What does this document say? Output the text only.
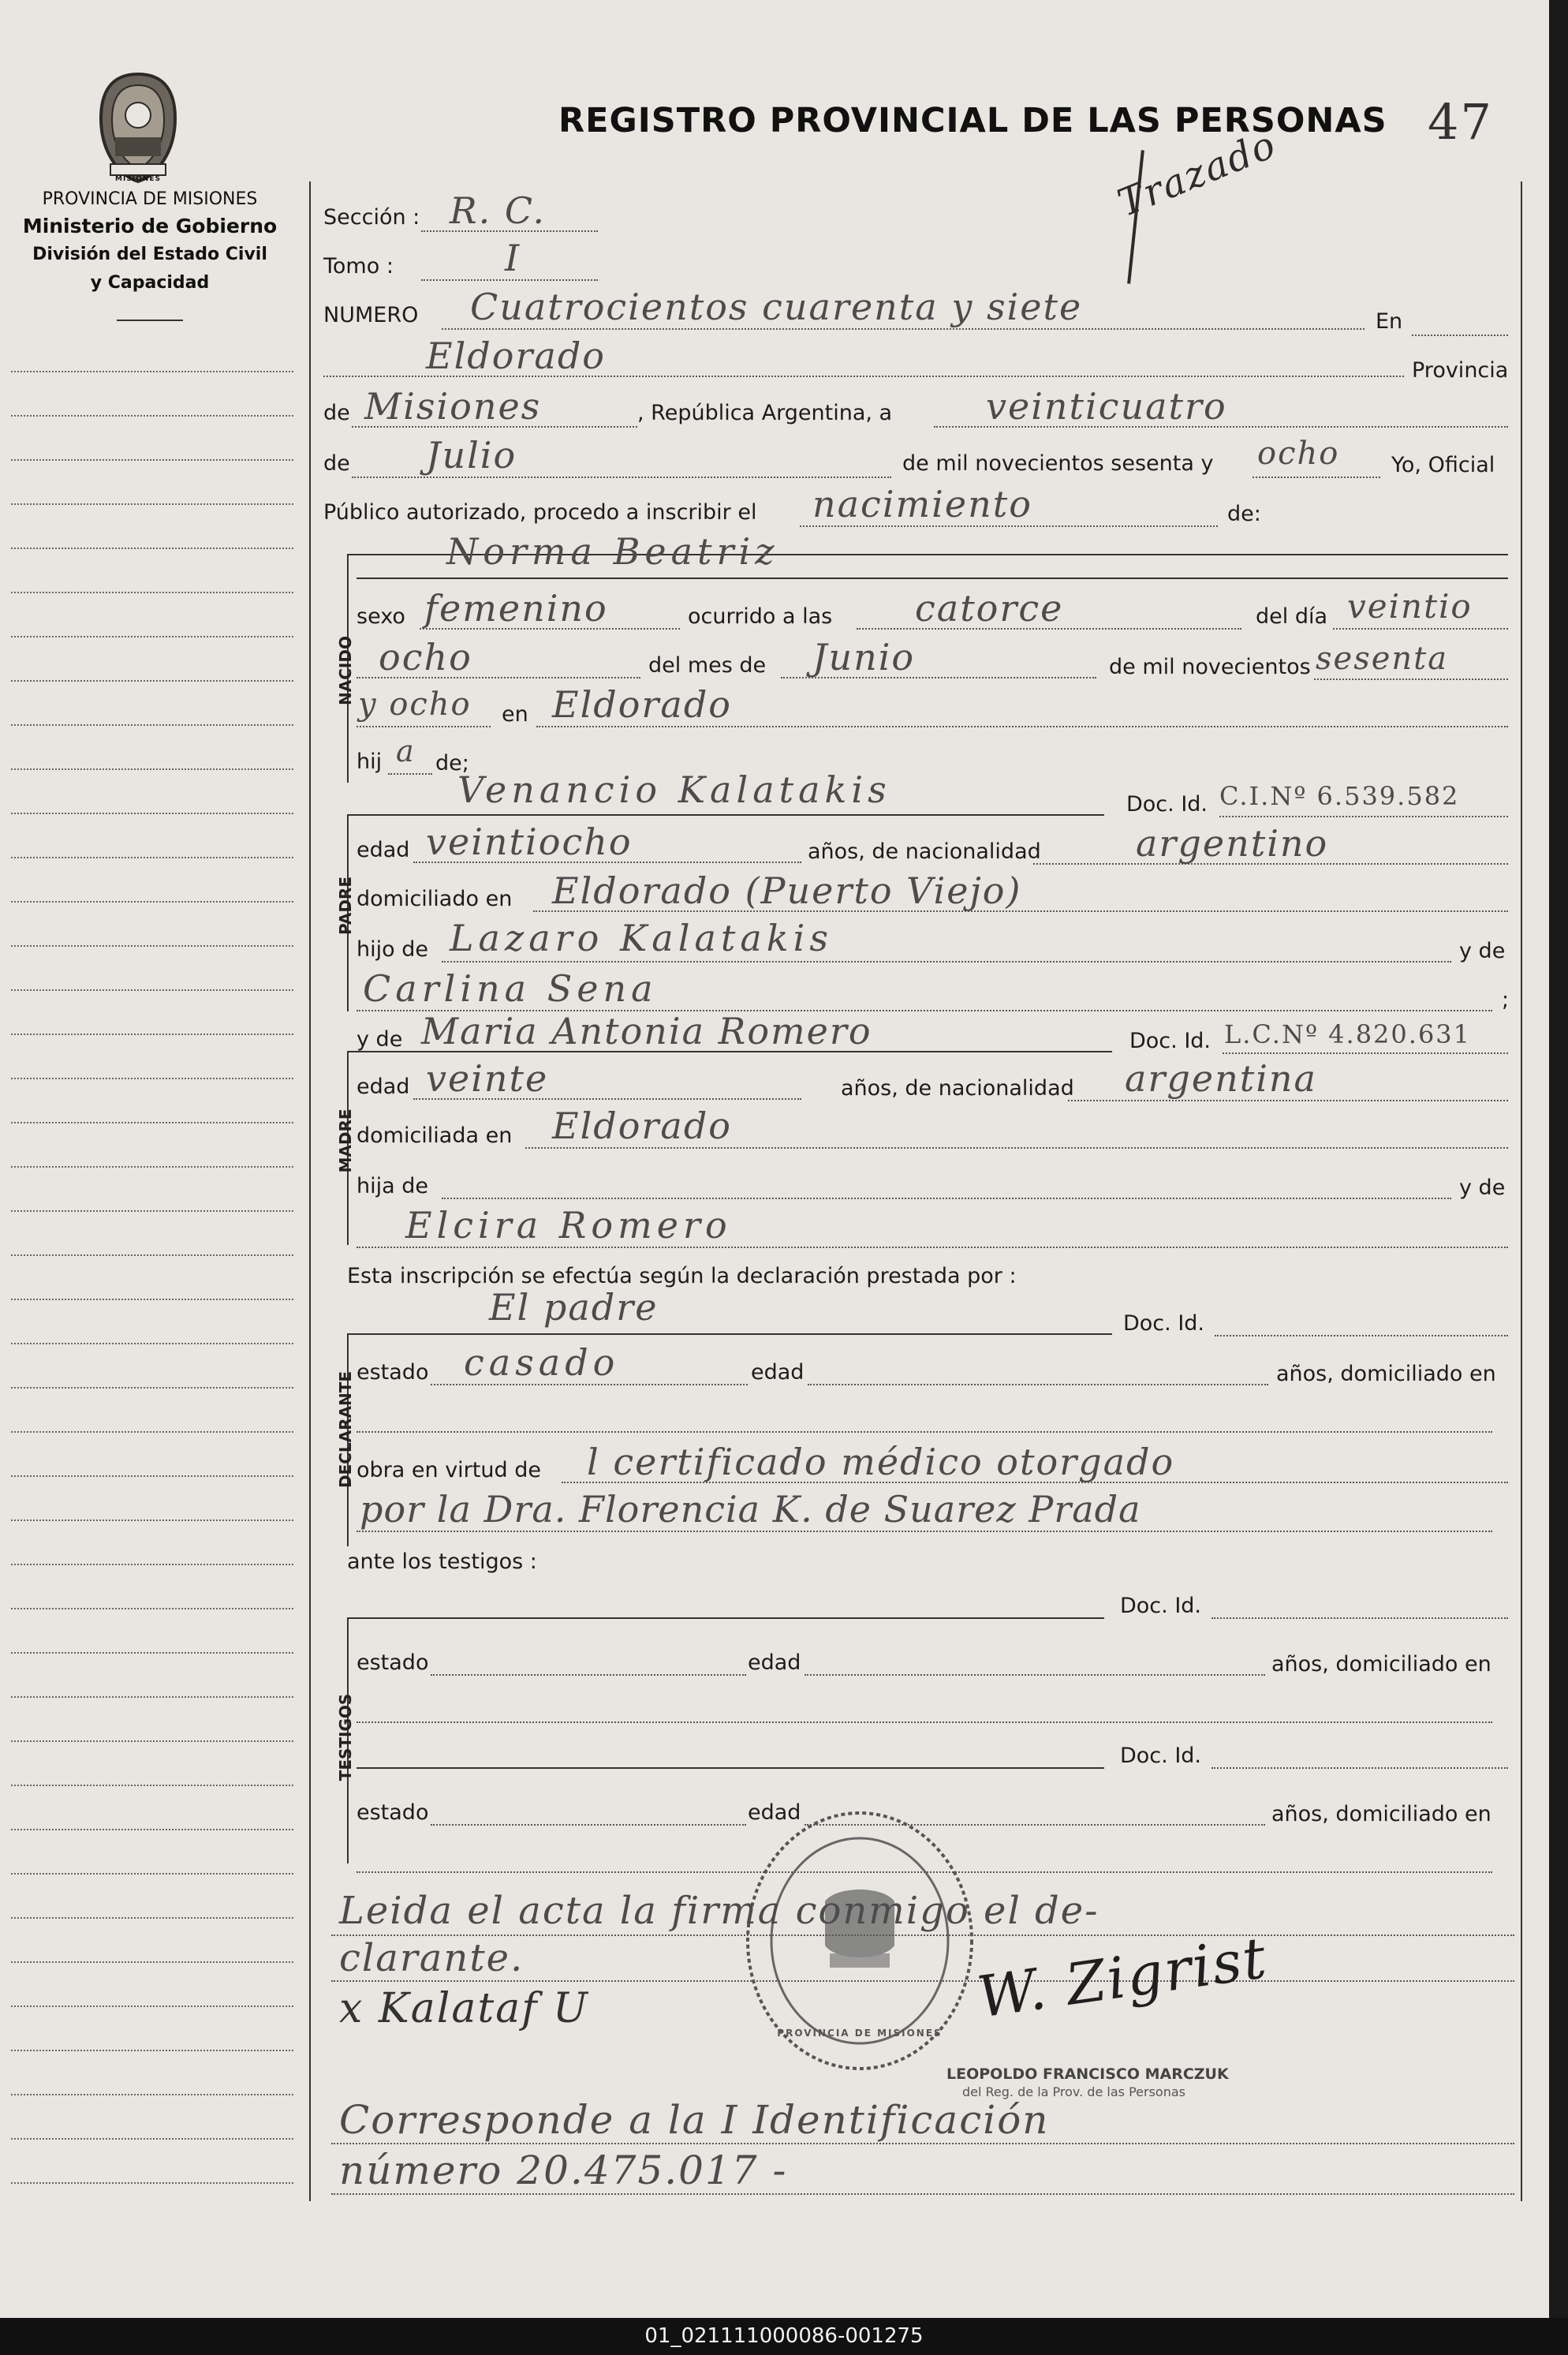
MISIONES
PROVINCIA DE MISIONES
Ministerio de Gobierno
División del Estado Civil
y Capacidad
REGISTRO PROVINCIAL DE LAS PERSONAS 47
Trazado
Sección : R. C.
Tomo :	I
NUMERO Cuatrocientos cuarenta y siete	En
Eldorado	Provincia
de Misiones	, República Argentina, a	veinticuatro
de Julio	de mil novecientos sesenta y ocho Yo, Oficial
Público autorizado, procedo a inscribir el nacimiento	de:
NACIDO
Norma Beatriz
sexo femenino	ocurrido a las catorce	del día veintio
ocho	del mes de Junio	de mil novecientos sesenta
y ocho en Eldorado
hij a de;
Venancio Kalatakis	Doc. Id. C.I.Nº 6.539.582
PADRE
edad veintiocho	años, de nacionalidad	argentino
domiciliado en Eldorado (Puerto Viejo)
hijo de Lazaro Kalatakis	y de
Carlina Sena	;
y de Maria Antonia Romero	Doc. Id. L.C.Nº 4.820.631
MADRE
edad veinte	años, de nacionalidad argentina
domiciliada en Eldorado
hija de	y de
Elcira Romero
Esta inscripción se efectúa según la declaración prestada por :
El padre	Doc. Id.
DECLARANTE estado casado	edad	años, domiciliado en
obra en virtud de l certificado médico otorgado
por la Dra. Florencia K. de Suarez Prada
ante los testigos :
Doc. Id.
TESTIGOS
estado	edad	años, domiciliado en
Doc. Id.
estado	edad	años, domiciliado en
PROVINCIA DE MISIONES
Leida el acta la firma conmigo el de-
clarante.
x Kalataf U	W. Zigrist
LEOPOLDO FRANCISCO MARCZUK
del Reg. de la Prov. de las Personas
Corresponde a la I Identificación
número 20.475.017 -
01_021111000086-001275
